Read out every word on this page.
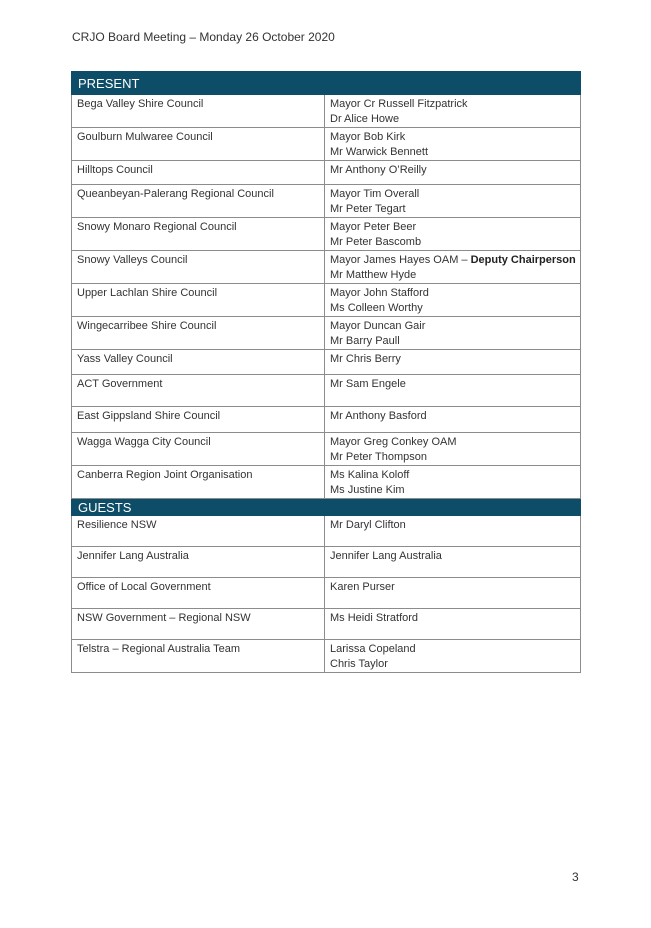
CRJO Board Meeting – Monday 26 October 2020
PRESENT	
Bega Valley Shire Council	Mayor Cr Russell Fitzpatrick
Dr Alice Howe

Goulburn Mulwaree Council	Mayor Bob Kirk
Mr Warwick Bennett

Hilltops Council	Mr Anthony O’Reilly

Queanbeyan-Palerang Regional Council	Mayor Tim Overall
Mr Peter Tegart

Snowy Monaro Regional Council	Mayor Peter Beer
Mr Peter Bascomb

Snowy Valleys Council	Mayor James Hayes OAM – Deputy Chairperson
Mr Matthew Hyde

Upper Lachlan Shire Council	Mayor John Stafford
Ms Colleen Worthy

Wingecarribee Shire Council	Mayor Duncan Gair
Mr Barry Paull

Yass Valley Council	Mr Chris Berry

ACT Government	Mr Sam Engele

East Gippsland Shire Council	Mr Anthony Basford

Wagga Wagga City Council	Mayor Greg Conkey OAM
Mr Peter Thompson

Canberra Region Joint Organisation	Ms Kalina Koloff
Ms Justine Kim

GUESTS	
Resilience NSW	Mr Daryl Clifton

Jennifer Lang Australia	Jennifer Lang Australia

Office of Local Government	Karen Purser

NSW Government – Regional NSW	Ms Heidi Stratford

Telstra – Regional Australia Team	Larissa Copeland
Chris Taylor
3
